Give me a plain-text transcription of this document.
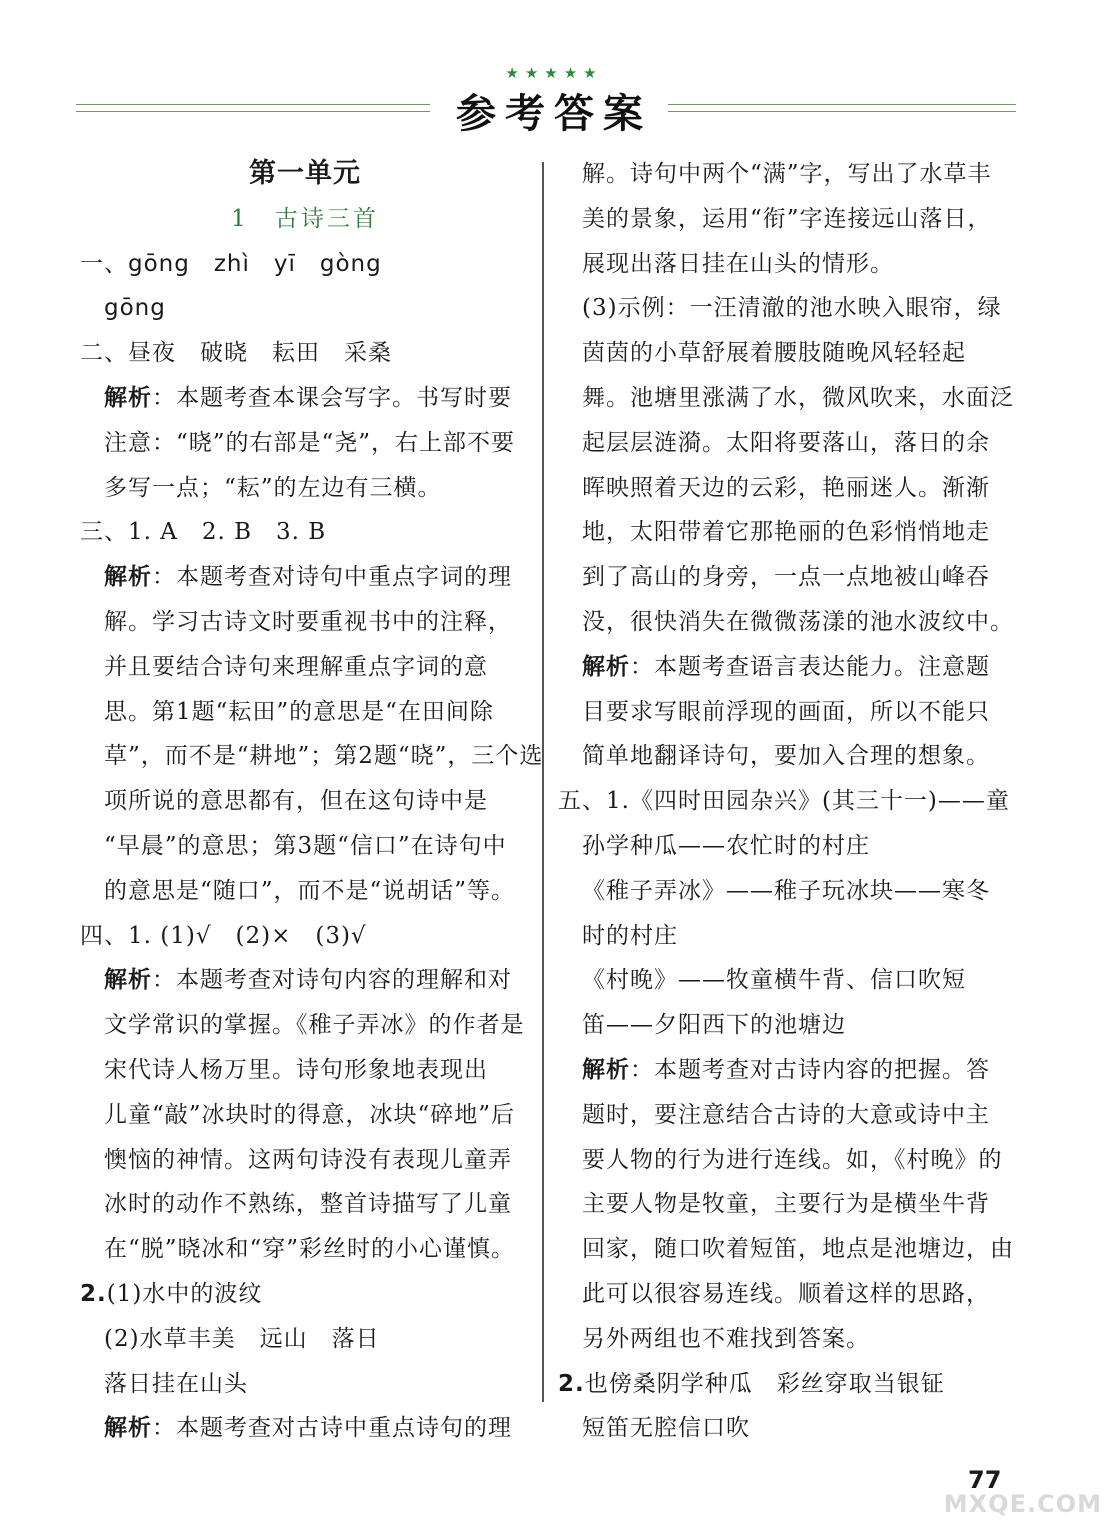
★★★★★
参考答案
第一单元
1　 古诗三首
一、gōng　zhì　yī　gòng
gōng
二、昼夜　破晓　耘田　采桑
解析：本题考查本课会写字。书写时要
注意：“晓”的右部是“尧”，右上部不要
多写一点；“耘”的左边有三横。
三、1. A　2. B　3. B
解析：本题考查对诗句中重点字词的理
解。学习古诗文时要重视书中的注释，
并且要结合诗句来理解重点字词的意
思。第1题“耘田”的意思是“在田间除
草”，而不是“耕地”；第2题“晓”，三个选
项所说的意思都有，但在这句诗中是
“早晨”的意思；第3题“信口”在诗句中
的意思是“随口”，而不是“说胡话”等。
四、1. (1)√　(2)×　(3)√
解析：本题考查对诗句内容的理解和对
文学常识的掌握。《稚子弄冰》的作者是
宋代诗人杨万里。诗句形象地表现出
儿童“敲”冰块时的得意，冰块“碎地”后
懊恼的神情。这两句诗没有表现儿童弄
冰时的动作不熟练，整首诗描写了儿童
在“脱”晓冰和“穿”彩丝时的小心谨慎。
2.(1)水中的波纹
(2)水草丰美　远山　落日
落日挂在山头
解析：本题考查对古诗中重点诗句的理
解。诗句中两个“满”字，写出了水草丰
美的景象，运用“衔”字连接远山落日，
展现出落日挂在山头的情形。
(3)示例：一汪清澈的池水映入眼帘，绿
茵茵的小草舒展着腰肢随晚风轻轻起
舞。池塘里涨满了水，微风吹来，水面泛
起层层涟漪。太阳将要落山，落日的余
晖映照着天边的云彩，艳丽迷人。渐渐
地，太阳带着它那艳丽的色彩悄悄地走
到了高山的身旁，一点一点地被山峰吞
没，很快消失在微微荡漾的池水波纹中。
解析：本题考查语言表达能力。注意题
目要求写眼前浮现的画面，所以不能只
简单地翻译诗句，要加入合理的想象。
五、1.《四时田园杂兴》(其三十一)——童
孙学种瓜——农忙时的村庄
《稚子弄冰》——稚子玩冰块——寒冬
时的村庄
《村晚》——牧童横牛背、信口吹短
笛——夕阳西下的池塘边
解析：本题考查对古诗内容的把握。答
题时，要注意结合古诗的大意或诗中主
要人物的行为进行连线。如，《村晚》的
主要人物是牧童，主要行为是横坐牛背
回家，随口吹着短笛，地点是池塘边，由
此可以很容易连线。顺着这样的思路，
另外两组也不难找到答案。
2.也傍桑阴学种瓜　彩丝穿取当银钲
短笛无腔信口吹
77
MXQE.COM
